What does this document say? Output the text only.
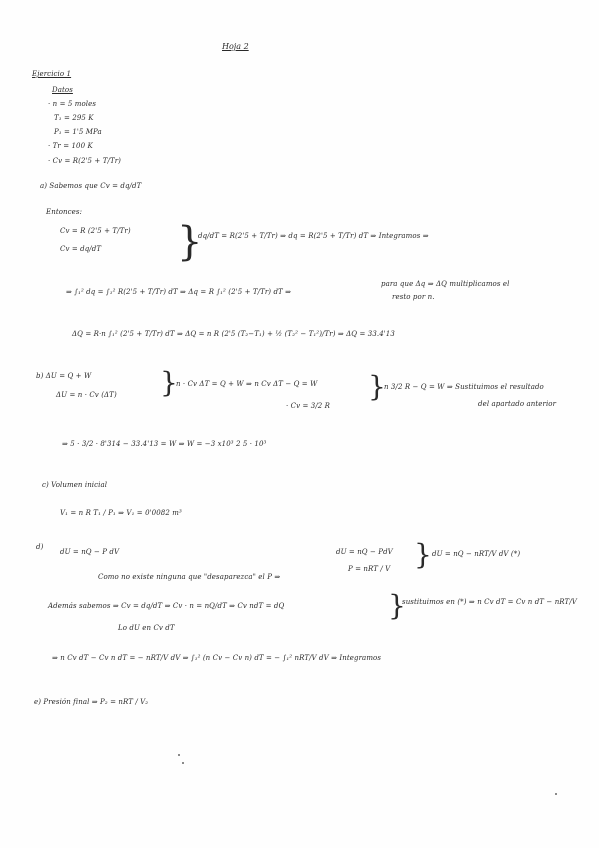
Hoja 2
Ejercicio 1
Datos
· n = 5 moles
T₁ = 295 K
P₁ = 1'5 MPa
· Tr = 100 K
· Cv = R(2'5 + T/Tr)
a) Sabemos que Cv = dq/dT
Entonces:
Cv = R (2'5 + T/Tr)
Cv = dq/dT }
dq/dT = R(2'5 + T/Tr) ⇒ dq = R(2'5 + T/Tr) dT ⇒ Integramos ⇒
⇒ ∫₁² dq = ∫₁² R(2'5 + T/Tr) dT ⇒ Δq = R ∫₁² (2'5 + T/Tr) dT ⇒
para que Δq ⇒ ΔQ multiplicamos el
resto por n.
ΔQ = R·n ∫₁² (2'5 + T/Tr) dT ⇒ ΔQ = n R (2'5 (T₂−T₁) + ½ (T₂² − T₁²)/Tr) ⇒ ΔQ = 33.4'13
b) ΔU = Q + W
ΔU = n · Cv (ΔT) }
n · Cv ΔT = Q + W ⇒ n Cv ΔT − Q = W
· Cv = 3/2 R
}
n 3/2 R − Q = W ⇒ Sustituimos el resultado
del apartado anterior
⇒ 5 · 3/2 · 8'314 − 33.4'13 = W ⇒ W = −3 x10³ 2 5 · 10³
c) Volumen inicial
V₁ = n R T₁ / P₁ ⇒ V₁ = 0'0082 m³
d)
dU = nQ − P dV
Como no existe ninguna que "desaparezca" el P ⇒
dU = nQ − PdV
P = nRT / V } dU = nQ − nRT/V dV (*)
Además sabemos ⇒ Cv = dq/dT ⇒ Cv · n = nQ/dT ⇒ Cv ndT = dQ	}
sustituimos en (*) ⇒ n Cv dT = Cv n dT − nRT/V
Lo dU en Cv dT
⇒ n Cv dT − Cv n dT = − nRT/V dV ⇒ ∫₁² (n Cv − Cv n) dT = − ∫₁² nRT/V dV ⇒ Integramos
e) Presión final ⇒ P₂ = nRT / V₂
